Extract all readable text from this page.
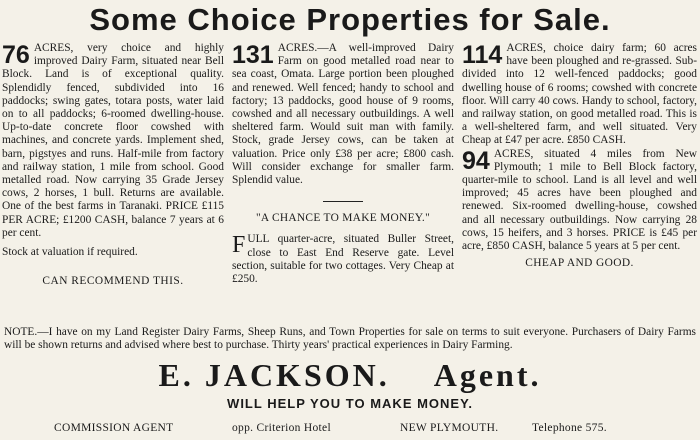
Some Choice Properties for Sale.

76 ACRES, very choice and highly improved Dairy Farm, situated near Bell Block. Land is of exceptional quality. Splendidly fenced, subdivided into 16 paddocks; swing gates, totara posts, water laid on to all paddocks; 6-roomed dwelling-house. Up-to-date concrete floor cowshed with machines, and concrete yards. Implement shed, barn, pigstyes and runs. Half-mile from factory and railway station, 1 mile from school. Good metalled road. Now carrying 35 Grade Jersey cows, 2 horses, 1 bull. Returns are available. One of the best farms in Taranaki. PRICE £115 PER ACRE; £1200 CASH, balance 7 years at 6 per cent.

Stock at valuation if required.
CAN RECOMMEND THIS.

131 ACRES.—A well-improved Dairy Farm on good metalled road near to sea coast, Omata. Large portion been ploughed and renewed. Well fenced; handy to school and factory; 13 paddocks, good house of 9 rooms, cowshed and all necessary outbuildings. A well sheltered farm. Would suit man with family. Stock, grade Jersey cows, can be taken at valuation. Price only £38 per acre; £800 cash. Will consider exchange for smaller farm. Splendid value.

"A CHANCE TO MAKE MONEY."

F ULL quarter-acre, situated Buller Street, close to East End Reserve gate. Level section, suitable for two cottages. Very Cheap at £250.

114 ACRES, choice dairy farm; 60 acres have been ploughed and re-grassed. Sub-divided into 12 well-fenced paddocks; good dwelling house of 6 rooms; cowshed with concrete floor. Will carry 40 cows. Handy to school, factory, and railway station, on good metalled road. This is a well-sheltered farm, and well situated. Very Cheap at £47 per acre. £850 CASH.

94 ACRES, situated 4 miles from New Plymouth; 1 mile to Bell Block factory, quarter-mile to school. Land is all level and well improved; 45 acres have been ploughed and renewed. Six-roomed dwelling-house, cowshed and all necessary outbuildings. Now carrying 28 cows, 15 heifers, and 3 horses. PRICE is £45 per acre, £850 CASH, balance 5 years at 5 per cent.

CHEAP AND GOOD.
NOTE.—I have on my Land Register Dairy Farms, Sheep Runs, and Town Properties for sale on terms to suit everyone. Purchasers of Dairy Farms will be shown returns and advised where best to purchase. Thirty years' practical experiences in Dairy Farming.
E. JACKSON. Agent.
WILL HELP YOU TO MAKE MONEY.
COMMISSION AGENT	opp. Criterion Hotel	NEW PLYMOUTH.	Telephone 575.
